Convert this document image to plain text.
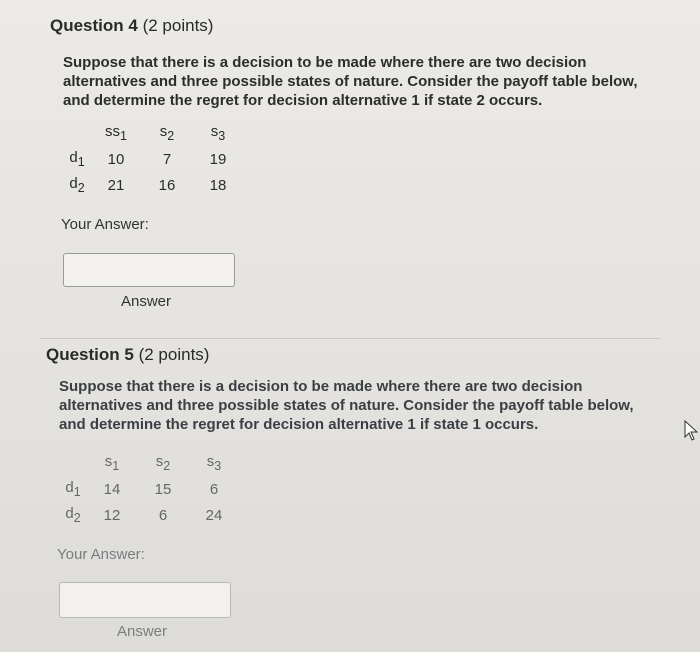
Question 4 (2 points)
Suppose that there is a decision to be made where there are two decision alternatives and three possible states of nature. Consider the payoff table below, and determine the regret for decision alternative 1 if state 2 occurs.
	$ss_1$	$s_2$	$s_3$
$d_1$	10	7	19
$d_2$	21	16	18
Your Answer:
Answer
Question 5 (2 points)
Suppose that there is a decision to be made where there are two decision alternatives and three possible states of nature. Consider the payoff table below, and determine the regret for decision alternative 1 if state 1 occurs.
	$s_1$	$s_2$	$s_3$
$d_1$	14	15	6
$d_2$	12	6	24
Your Answer:
Answer
